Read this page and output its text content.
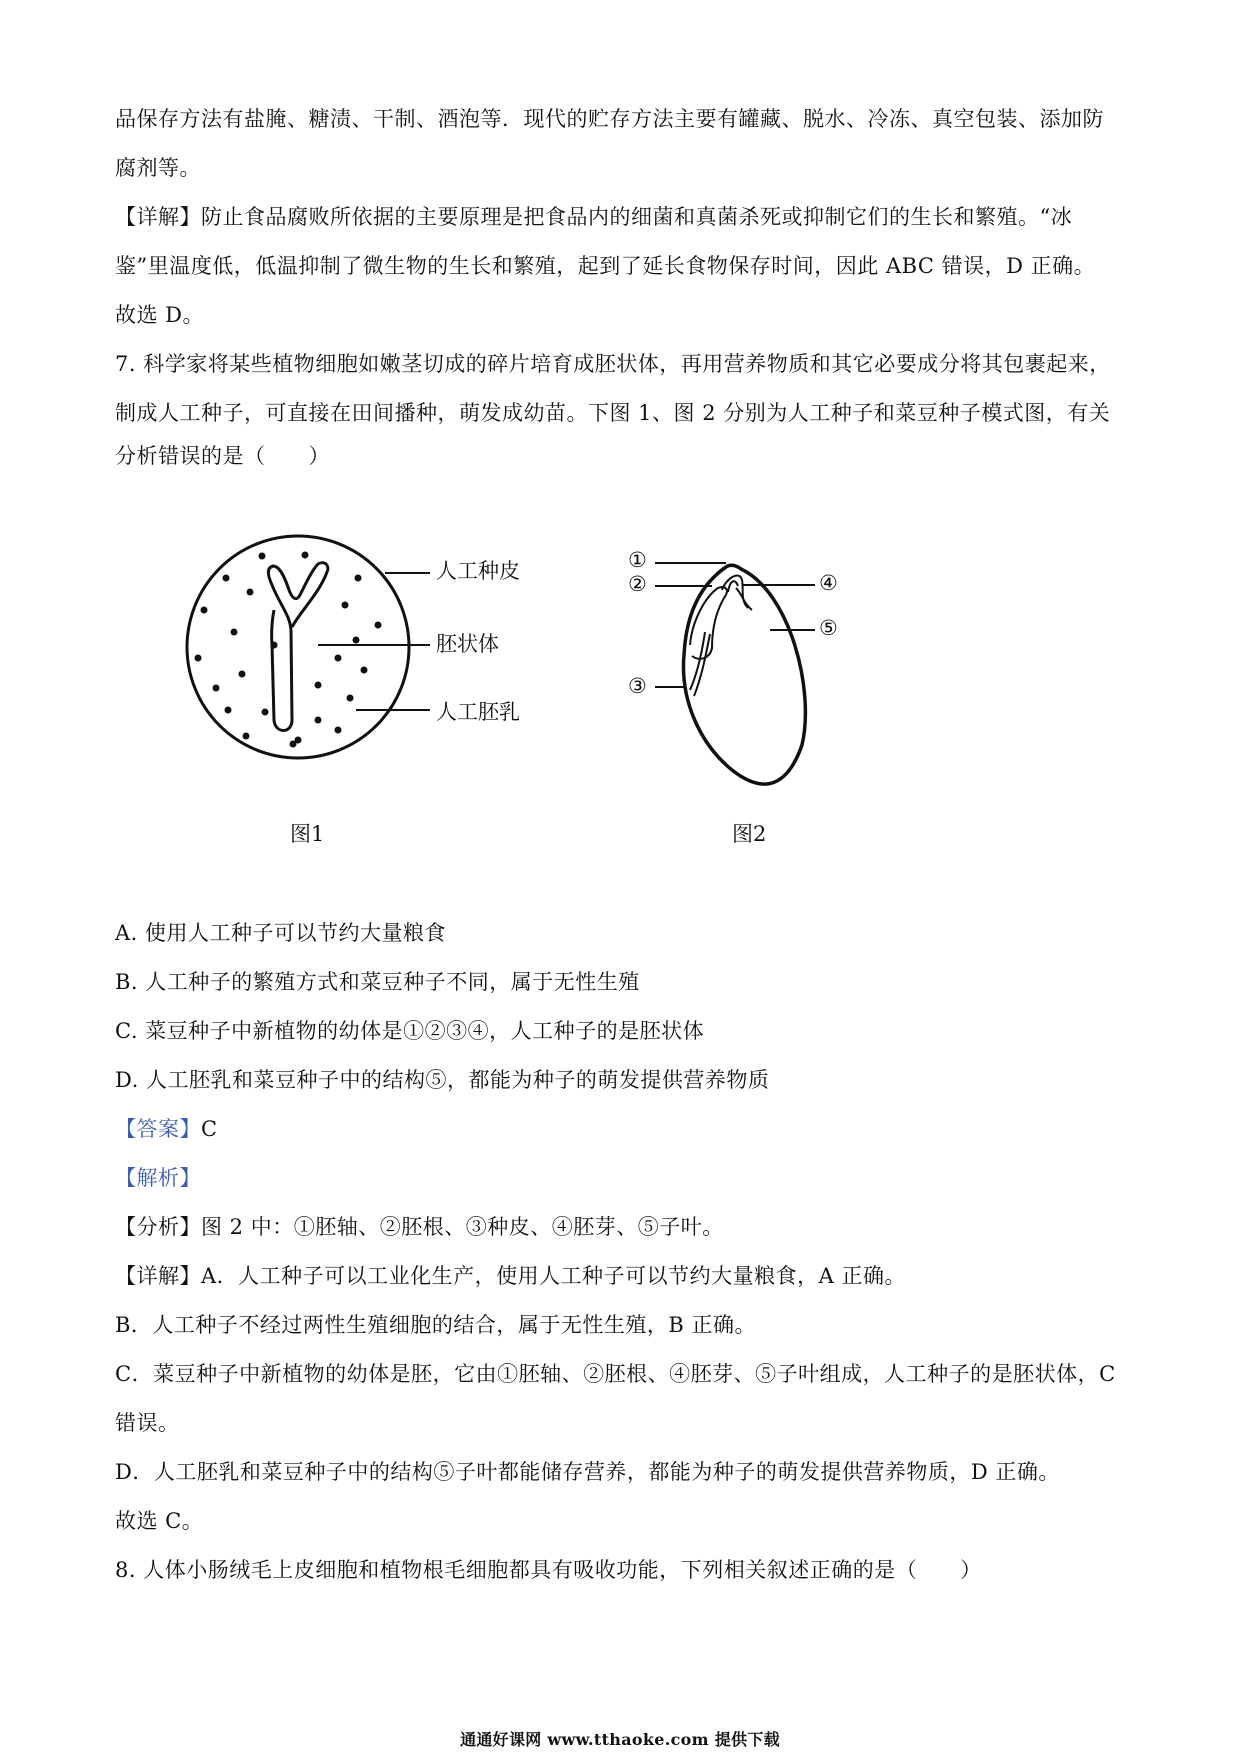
品保存方法有盐腌、糖渍、干制、酒泡等．现代的贮存方法主要有罐藏、脱水、冷冻、真空包装、添加防
腐剂等。
【详解】防止食品腐败所依据的主要原理是把食品内的细菌和真菌杀死或抑制它们的生长和繁殖。“冰
鉴”里温度低，低温抑制了微生物的生长和繁殖，起到了延长食物保存时间，因此 ABC 错误，D 正确。
故选 D。
7. 科学家将某些植物细胞如嫩茎切成的碎片培育成胚状体，再用营养物质和其它必要成分将其包裹起来，
制成人工种子，可直接在田间播种，萌发成幼苗。下图 1、图 2 分别为人工种子和菜豆种子模式图，有关
分析错误的是（　　）
人工种皮
胚状体
人工胚乳
图1
①
②
③
④
⑤
图2
A. 使用人工种子可以节约大量粮食
B. 人工种子的繁殖方式和菜豆种子不同，属于无性生殖
C. 菜豆种子中新植物的幼体是①②③④，人工种子的是胚状体
D. 人工胚乳和菜豆种子中的结构⑤，都能为种子的萌发提供营养物质
【答案】C
【解析】
【分析】图 2 中：①胚轴、②胚根、③种皮、④胚芽、⑤子叶。
【详解】A．人工种子可以工业化生产，使用人工种子可以节约大量粮食，A 正确。
B．人工种子不经过两性生殖细胞的结合，属于无性生殖，B 正确。
C．菜豆种子中新植物的幼体是胚，它由①胚轴、②胚根、④胚芽、⑤子叶组成，人工种子的是胚状体，C
错误。
D．人工胚乳和菜豆种子中的结构⑤子叶都能储存营养，都能为种子的萌发提供营养物质，D 正确。
故选 C。
8. 人体小肠绒毛上皮细胞和植物根毛细胞都具有吸收功能，下列相关叙述正确的是（　　）
通通好课网 www.tthaoke.com 提供下载
